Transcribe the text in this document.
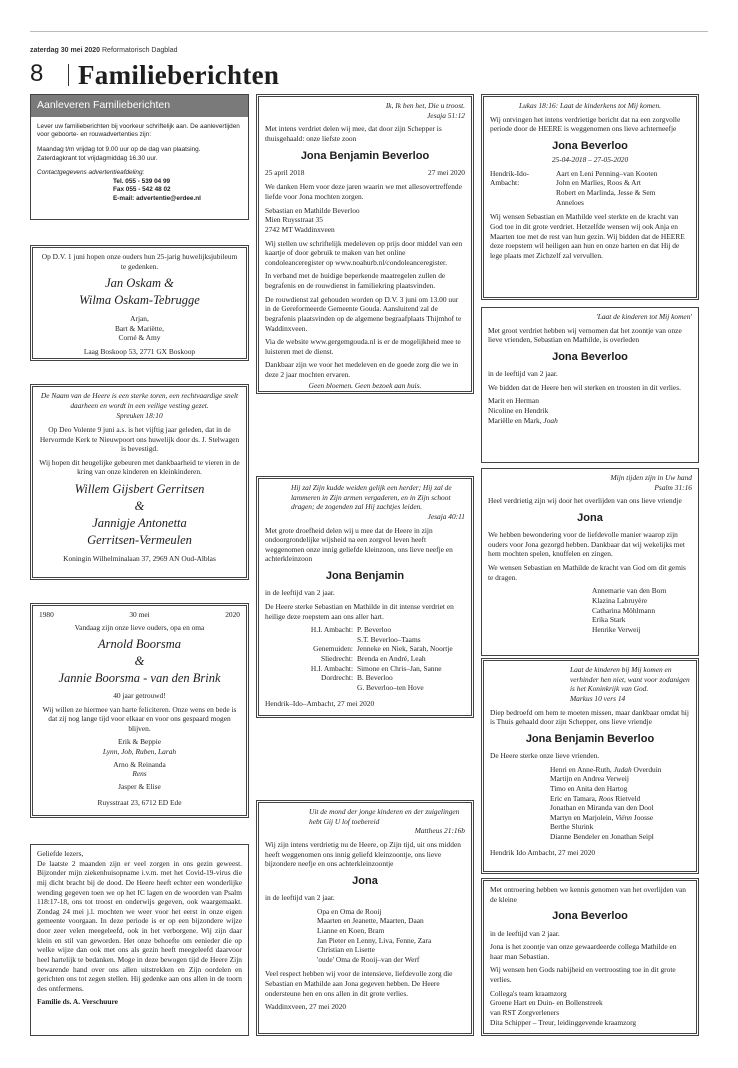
zaterdag 30 mei 2020 Reformatorisch Dagblad
8 Familieberichten
Aanleveren Familieberichten

Lever uw familieberichten bij voorkeur schriftelijk aan. De aanlevertijden voor geboorte- en rouwadvertenties zijn:

Maandag t/m vrijdag tot 9.00 uur op de dag van plaatsing.
Zaterdagkrant tot vrijdagmiddag 16.30 uur.

Contactgegevens advertentieafdeling:
Tel. 055 - 539 04 99
Fax 055 - 542 48 02
E-mail: advertentie@erdee.nl

Op D.V. 1 juni hopen onze ouders hun 25-jarig huwelijksjubileum te gedenken.

Jan Oskam &
Wilma Oskam-Tebrugge
Arjan,
Bart & Mariëtte,
Corné & Amy
Laag Boskoop 53, 2771 GX Boskoop

De Naam van de Heere is een sterke toren, een rechtvaardige snelt daarheen en wordt in een veilige vesting gezet.

Spreuken 18:10

Op Deo Volente 9 juni a.s. is het vijftig jaar geleden, dat in de Hervormde Kerk te Nieuwpoort ons huwelijk door ds. J. Stelwagen is bevestigd.

Wij hopen dit heugelijke gebeuren met dankbaarheid te vieren in de kring van onze kinderen en kleinkinderen.

Willem Gijsbert Gerritsen
&
Jannigje Antonetta
Gerritsen-Vermeulen
Koningin Wilhelminalaan 37, 2969 AN Oud-Alblas
1980	30 mei	2020

Vandaag zijn onze lieve ouders, opa en oma

Arnold Boorsma
&
Jannie Boorsma - van den Brink

40 jaar getrouwd!

Wij willen ze hiermee van harte feliciteren. Onze wens en bede is dat zij nog lange tijd voor elkaar en voor ons gespaard mogen blijven.

Erik & Beppie
Lynn, Job, Ruben, Larah
Arno & Reinanda
Rens
Jasper & Elise
Ruysstraat 23, 6712 ED Ede
Geliefde lezers,

De laatste 2 maanden zijn er veel zorgen in ons gezin geweest. Bijzonder mijn ziekenhuisopname i.v.m. met het Covid-19-virus die mij dicht bracht bij de dood. De Heere heeft echter een wonderlijke wending gegeven toen we op het IC lagen en de woorden van Psalm 118:17-18, ons tot troost en onderwijs gegeven, ook waargemaakt. Zondag 24 mei j.l. mochten we weer voor het eerst in onze eigen gemeente voorgaan. In deze periode is er op een bijzondere wijze door zeer velen meegeleefd, ook in het verborgene. Wij zijn daar klein en stil van geworden. Het onze behoefte om eenieder die op welke wijze dan ook met ons als gezin heeft meegeleefd daarvoor heel hartelijk te bedanken. Moge in deze bewogen tijd de Heere Zijn bewarende hand over ons allen uitstrekken en Zijn oordelen en gerichten ons tot zegen stellen. Hij gedenke aan ons allen in de toorn des ontfermens.

Familie ds. A. Verschuure
Ik, Ik ben het, Die u troost.

Jesaja 51:12

Met intens verdriet delen wij mee, dat door zijn Schepper is thuisgehaald: onze liefste zoon

Jona Benjamin Beverloo
25 april 2018	27 mei 2020

We danken Hem voor deze jaren waarin we met allesovertreffende liefde voor Jona mochten zorgen.

Sebastian en Mathilde Beverloo
Mien Ruysstraat 35
2742 MT Waddinxveen

Wij stellen uw schriftelijk medeleven op prijs door middel van een kaartje of door gebruik te maken van het online condoleanceregister op www.noahurb.nl/condoleanceregister.

In verband met de huidige beperkende maatregelen zullen de begrafenis en de rouwdienst in familiekring plaatsvinden.

De rouwdienst zal gehouden worden op D.V. 3 juni om 13.00 uur in de Gereformeerde Gemeente Gouda. Aansluitend zal de begrafenis plaatsvinden op de algemene begraafplaats Thijmhof te Waddinxveen.

Via de website www.gergemgouda.nl is er de mogelijkheid mee te luisteren met de dienst.

Dankbaar zijn we voor het medeleven en de goede zorg die we in deze 2 jaar mochten ervaren.

Geen bloemen. Geen bezoek aan huis.
Hij zal Zijn kudde weiden gelijk een herder; Hij zal de lammeren in Zijn armen vergaderen, en in Zijn schoot dragen; de zogenden zal Hij zachtjes leiden.

Jesaja 40:11

Met grote droefheid delen wij u mee dat de Heere in zijn ondoorgrondelijke wijsheid na een zorgvol leven heeft weggenomen onze innig geliefde kleinzoon, ons lieve neefje en achterkleinzoon

Jona Benjamin

in de leeftijd van 2 jaar.

De Heere sterke Sebastian en Mathilde in dit intense verdriet en heilige deze roepstem aan ons aller hart.

H.I. Ambacht: P. Beverloo
S.T. Beverloo–Taams
Genemuiden: Jenneke en Niek, Sarah, Noortje
Sliedrecht: Brenda en André, Leah
H.I. Ambacht: Simone en Chris–Jan, Sanne
Dordrecht: B. Beverloo
G. Beverloo–ten Hove
Hendrik–Ido–Ambacht, 27 mei 2020
Uit de mond der jonge kinderen en der zuigelingen hebt Gij U lof toebereid

Mattheus 21:16b

Wij zijn intens verdrietig nu de Heere, op Zijn tijd, uit ons midden heeft weggenomen ons innig geliefd kleinzoontje, ons lieve bijzondere neefje en ons achterkleinzoontje

Jona

in de leeftijd van 2 jaar.

Opa en Oma de Rooij
Maarten en Jeanette, Maarten, Daan
Lianne en Koen, Bram
Jan Pieter en Lenny, Liva, Fenne, Zara
Christian en Lisette
'oude' Oma de Rooij–van der Werf

Veel respect hebben wij voor de intensieve, liefdevolle zorg die Sebastian en Mathilde aan Jona gegeven hebben. De Heere ondersteune hen en ons allen in dit grote verlies.

Waddinxveen, 27 mei 2020

Lukas 18:16: Laat de kinderkens tot Mij komen.

Wij ontvingen het intens verdrietige bericht dat na een zorgvolle periode door de HEERE is weggenomen ons lieve achterneefje

Jona Beverloo

25-04-2018 – 27-05-2020

Hendrik-Ido-Ambacht:
Aart en Leni Penning–van Kooten
John en Marlies, Roos & Art
Robert en Marlinda, Jesse & Sem
Anneloes

Wij wensen Sebastian en Mathilde veel sterkte en de kracht van God toe in dit grote verdriet. Hetzelfde wensen wij ook Anja en Maarten toe met de rest van hun gezin. Wij bidden dat de HEERE deze roepstem wil heiligen aan hun en onze harten en dat Hij de lege plaats met Zichzelf zal vervullen.

'Laat de kinderen tot Mij komen'

Met groot verdriet hebben wij vernomen dat het zoontje van onze lieve vrienden, Sebastian en Mathilde, is overleden

Jona Beverloo

in de leeftijd van 2 jaar.

We bidden dat de Heere hen wil sterken en troosten in dit verlies.

Marit en Herman
Nicoline en Hendrik
Mariëlle en Mark, Joah
Mijn tijden zijn in Uw hand

Psalm 31:16

Heel verdrietig zijn wij door het overlijden van ons lieve vriendje

Jona

We hebben bewondering voor de liefdevolle manier waarop zijn ouders voor Jona gezorgd hebben. Dankbaar dat wij wekelijks met hem mochten spelen, knuffelen en zingen.

We wensen Sebastian en Mathilde de kracht van God om dit gemis te dragen.

Annemarie van den Born
Klazina Labruyère
Catharina Möhlmann
Erika Stark
Henrike Verweij
Laat de kinderen bij Mij komen en verhinder hen niet, want voor zodanigen is het Koninkrijk van God.

Markus 10 vers 14

Diep bedroefd om hem te moeten missen, maar dankbaar omdat hij is Thuis gehaald door zijn Schepper, ons lieve vriendje

Jona Benjamin Beverloo

De Heere sterke onze lieve vrienden.

Henri en Anne-Ruth, Judah Overduin
Martijn en Andrea Verweij
Timo en Anita den Hartog
Eric en Tamara, Roos Rietveld
Jonathan en Miranda van den Dool
Martyn en Marjolein, Viënn Joosse
Berthe Slurink
Dianne Bendeler en Jonathan Seipl
Hendrik Ido Ambacht, 27 mei 2020

Met ontroering hebben we kennis genomen van het overlijden van de kleine

Jona Beverloo

in de leeftijd van 2 jaar.

Jona is het zoontje van onze gewaardeerde collega Mathilde en haar man Sebastian.

Wij wensen hen Gods nabijheid en vertroosting toe in dit grote verlies.

Collega's team kraamzorg
Groene Hart en Duin- en Bollenstreek
van RST Zorgverleners
Dita Schipper – Treur, leidinggevende kraamzorg
